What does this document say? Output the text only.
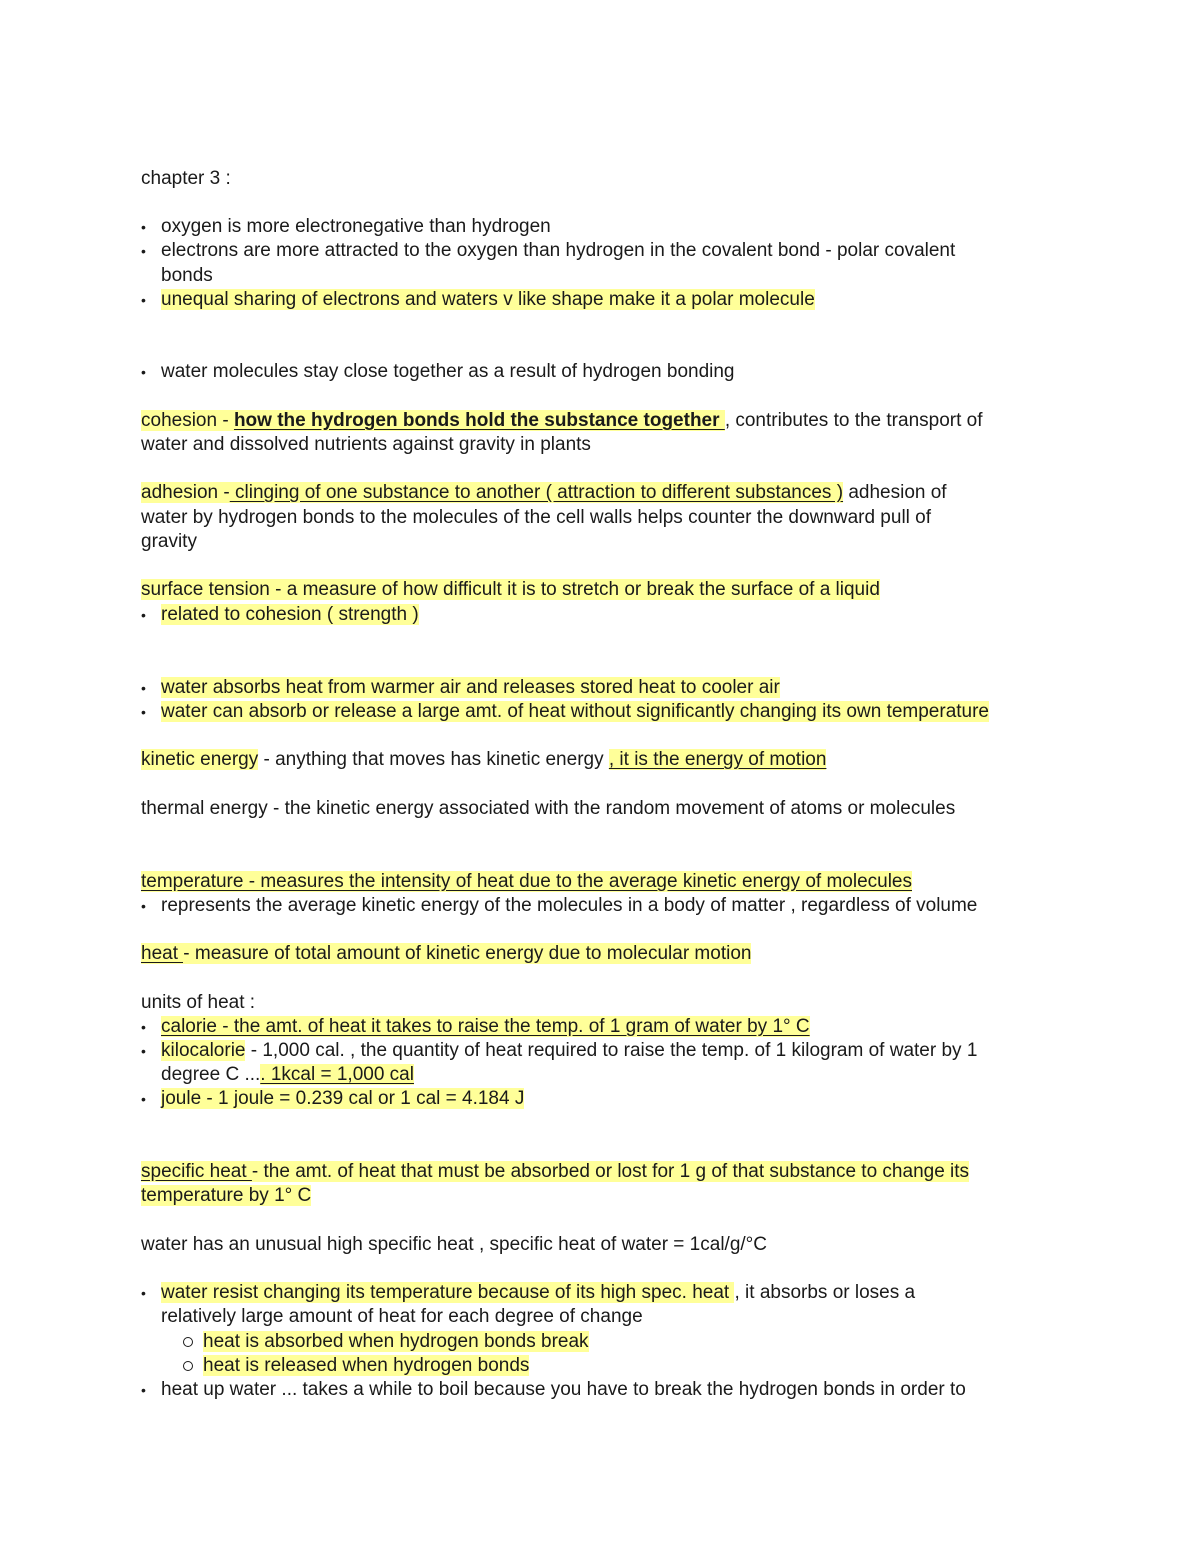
chapter 3 :
• oxygen is more electronegative than hydrogen
• electrons are more attracted to the oxygen than hydrogen in the covalent bond - polar covalent
bonds
• unequal sharing of electrons and waters v like shape make it a polar molecule
• water molecules stay close together as a result of hydrogen bonding
cohesion - how the hydrogen bonds hold the substance together , contributes to the transport of
water and dissolved nutrients against gravity in plants
adhesion - clinging of one substance to another ( attraction to different substances ) adhesion of
water by hydrogen bonds to the molecules of the cell walls helps counter the downward pull of
gravity
surface tension - a measure of how difficult it is to stretch or break the surface of a liquid
• related to cohesion ( strength )
• water absorbs heat from warmer air and releases stored heat to cooler air
• water can absorb or release a large amt. of heat without significantly changing its own temperature
kinetic energy - anything that moves has kinetic energy , it is the energy of motion
thermal energy - the kinetic energy associated with the random movement of atoms or molecules
temperature - measures the intensity of heat due to the average kinetic energy of molecules
• represents the average kinetic energy of the molecules in a body of matter , regardless of volume
heat - measure of total amount of kinetic energy due to molecular motion
units of heat :
• calorie - the amt. of heat it takes to raise the temp. of 1 gram of water by 1° C
• kilocalorie - 1,000 cal. , the quantity of heat required to raise the temp. of 1 kilogram of water by 1
degree C .... 1kcal = 1,000 cal
• joule - 1 joule = 0.239 cal or 1 cal = 4.184 J
specific heat - the amt. of heat that must be absorbed or lost for 1 g of that substance to change its
temperature by 1° C
water has an unusual high specific heat , specific heat of water = 1cal/g/°C
• water resist changing its temperature because of its high spec. heat , it absorbs or loses a
relatively large amount of heat for each degree of change
heat is absorbed when hydrogen bonds break
heat is released when hydrogen bonds
• heat up water ... takes a while to boil because you have to break the hydrogen bonds in order to
